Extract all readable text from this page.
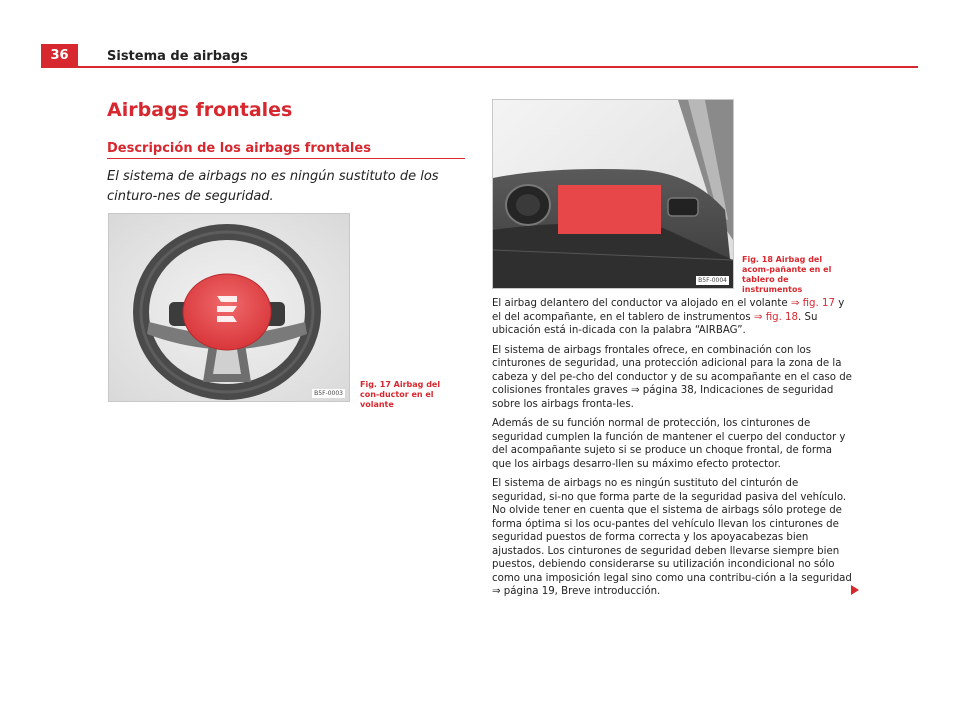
36	Sistema de airbags
Airbags frontales
Descripción de los airbags frontales
El sistema de airbags no es ningún sustituto de los cinturo-nes de seguridad.
B5F-0003
Fig. 17 Airbag del con-ductor en el volante
B5F-0004
Fig. 18 Airbag del acom-pañante en el tablero de instrumentos

El airbag delantero del conductor va alojado en el volante ⇒ fig. 17 y el del acompañante, en el tablero de instrumentos ⇒ fig. 18. Su ubicación está in-dicada con la palabra “AIRBAG”.

El sistema de airbags frontales ofrece, en combinación con los cinturones de seguridad, una protección adicional para la zona de la cabeza y del pe-cho del conductor y de su acompañante en el caso de colisiones frontales graves ⇒ página 38, Indicaciones de seguridad sobre los airbags fronta-les.

Además de su función normal de protección, los cinturones de seguridad cumplen la función de mantener el cuerpo del conductor y del acompañante sujeto si se produce un choque frontal, de forma que los airbags desarro-llen su máximo efecto protector.

El sistema de airbags no es ningún sustituto del cinturón de seguridad, si-no que forma parte de la seguridad pasiva del vehículo. No olvide tener en cuenta que el sistema de airbags sólo protege de forma óptima si los ocu-pantes del vehículo llevan los cinturones de seguridad puestos de forma correcta y los apoyacabezas bien ajustados. Los cinturones de seguridad deben llevarse siempre bien puestos, debiendo considerarse su utilización incondicional no sólo como una imposición legal sino como una contribu-ción a la seguridad ⇒ página 19, Breve introducción.
